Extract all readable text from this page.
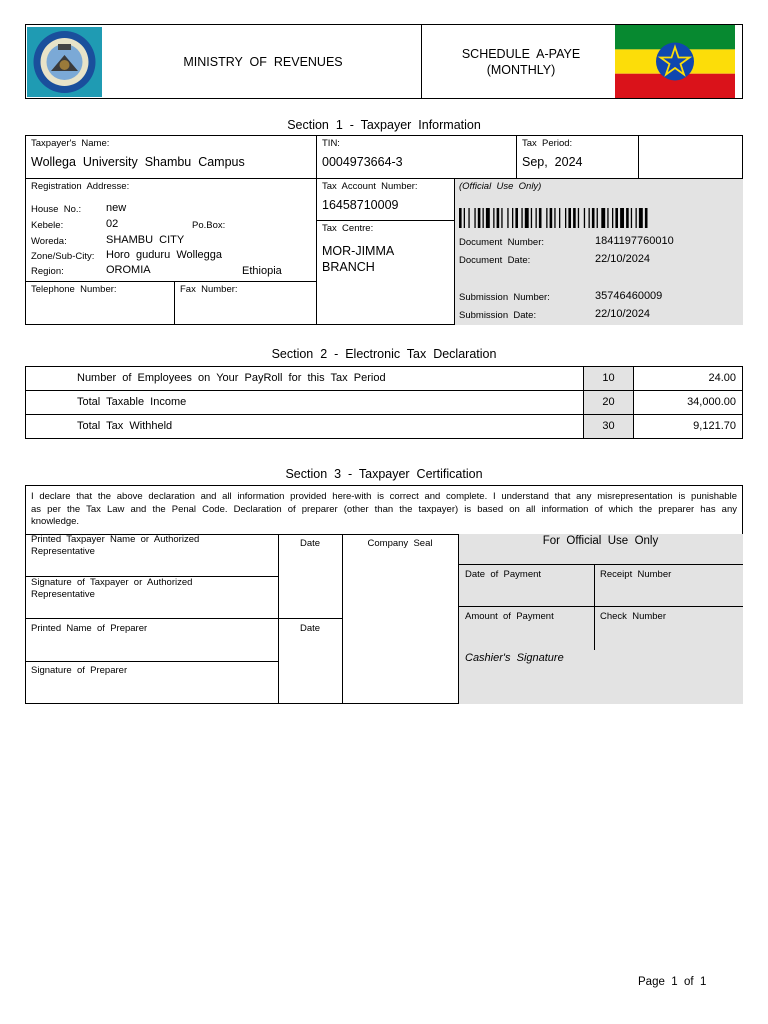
MINISTRY  OF  REVENUES
SCHEDULE  A-PAYE
(MONTHLY)
Section  1  -  Taxpayer  Information
Taxpayer's  Name:
Wollega  University  Shambu  Campus
TIN:
0004973664-3
Tax  Period:
Sep,  2024
Registration  Addresse:
House  No.: new
Kebele:	02	Po.Box:
Woreda:	SHAMBU  CITY
Zone/Sub-City: Horo  guduru  Wollegga
Region:	OROMIA	Ethiopia
Telephone  Number:	Fax  Number:
Tax  Account  Number:
16458710009
Tax  Centre:
MOR-JIMMA
BRANCH
(Official  Use  Only)
Document  Number:	1841197760010
Document  Date:	22/10/2024
Submission  Number:	35746460009
Submission  Date:	22/10/2024
Section  2  -  Electronic  Tax  Declaration
Number  of  Employees  on  Your  PayRoll  for  this  Tax  Period	10	24.00
Total  Taxable  Income	20	34,000.00
Total  Tax  Withheld	30	9,121.70
Section  3  -  Taxpayer  Certification
I  declare  that  the  above  declaration  and  all  information  provided  here-with  is  correct  and  complete.  I  understand  that  any  misrepresentation  is  punishable  as  per  the  Tax  Law  and  the  Penal  Code.  Declaration  of  preparer  (other  than  the  taxpayer)  is  based  on  all  information  of  which  the  preparer  has  any  knowledge.
Printed  Taxpayer  Name  or  Authorized  Representative
Date	Company  Seal	For  Official  Use  Only
Signature  of  Taxpayer  or  Authorized  Representative
Date  of  Payment	Receipt  Number
Printed  Name  of  Preparer	Date
Amount  of  Payment	Check  Number
Cashier's  Signature
Signature  of  Preparer
Page  1  of  1
